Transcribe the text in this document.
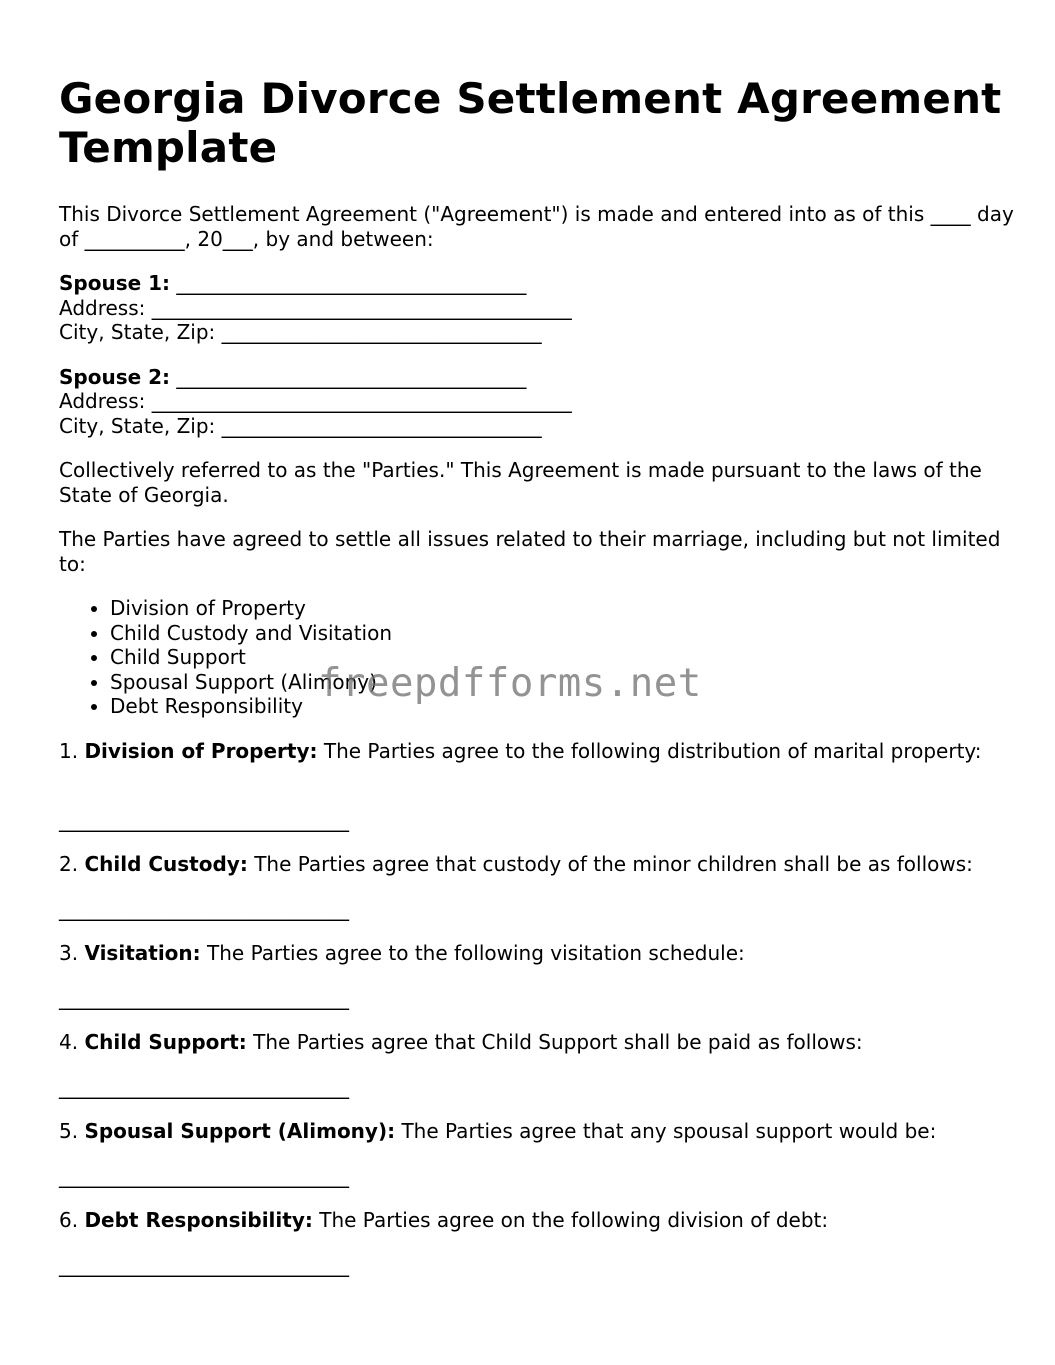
Georgia Divorce Settlement Agreement Template

This Divorce Settlement Agreement ("Agreement") is made and entered into as of this ____ day of __________, 20___, by and between:

Spouse 1: ___________________________________

Address: __________________________________________

City, State, Zip: ________________________________

Spouse 2: ___________________________________

Address: __________________________________________

City, State, Zip: ________________________________

Collectively referred to as the "Parties." This Agreement is made pursuant to the laws of the State of Georgia.

The Parties have agreed to settle all issues related to their marriage, including but not limited to:

• Division of Property
• Child Custody and Visitation
• Child Support
• Spousal Support (Alimony)
• Debt Responsibility

1. Division of Property: The Parties agree to the following distribution of marital property:

_____________________________

2. Child Custody: The Parties agree that custody of the minor children shall be as follows:

_____________________________

3. Visitation: The Parties agree to the following visitation schedule:

_____________________________

4. Child Support: The Parties agree that Child Support shall be paid as follows:

_____________________________

5. Spousal Support (Alimony): The Parties agree that any spousal support would be:

_____________________________

6. Debt Responsibility: The Parties agree on the following division of debt:

_____________________________
freepdfforms.net
